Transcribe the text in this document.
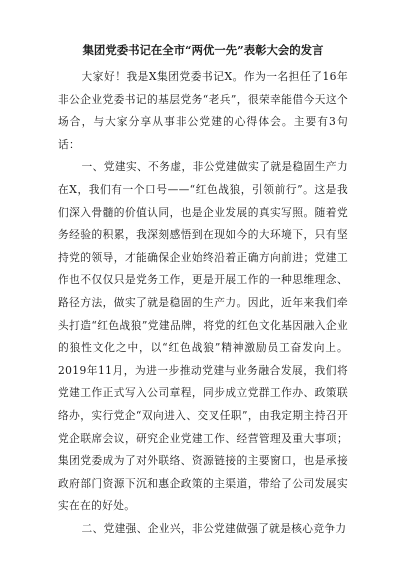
集团党委书记在全市“两优一先”表彰大会的发言

大家好！我是X集团党委书记X。作为一名担任了16年非公企业党委书记的基层党务“老兵”，很荣幸能借今天这个场合，与大家分享从事非公党建的心得体会。主要有3句话：

一、党建实、不务虚，非公党建做实了就是稳固生产力在X，我们有一个口号——“红色战狼，引领前行”。这是我们深入骨髓的价值认同，也是企业发展的真实写照。随着党务经验的积累，我深刻感悟到在现如今的大环境下，只有坚持党的领导，才能确保企业始终沿着正确方向前进；党建工作也不仅仅只是党务工作，更是开展工作的一种思维理念、路径方法，做实了就是稳固的生产力。因此，近年来我们牵头打造“红色战狼”党建品牌，将党的红色文化基因融入企业的狼性文化之中，以“红色战狼”精神激励员工奋发向上。2019年11月，为进一步推动党建与业务融合发展，我们将党建工作正式写入公司章程，同步成立党群工作办、政策联络办，实行党企“双向进入、交叉任职”，由我定期主持召开党企联席会议，研究企业党建工作、经营管理及重大事项；集团党委成为了对外联络、资源链接的主要窗口，也是承接政府部门资源下沉和惠企政策的主渠道，带给了公司发展实实在在的好处。

二、党建强、企业兴，非公党建做强了就是核心竞争力
